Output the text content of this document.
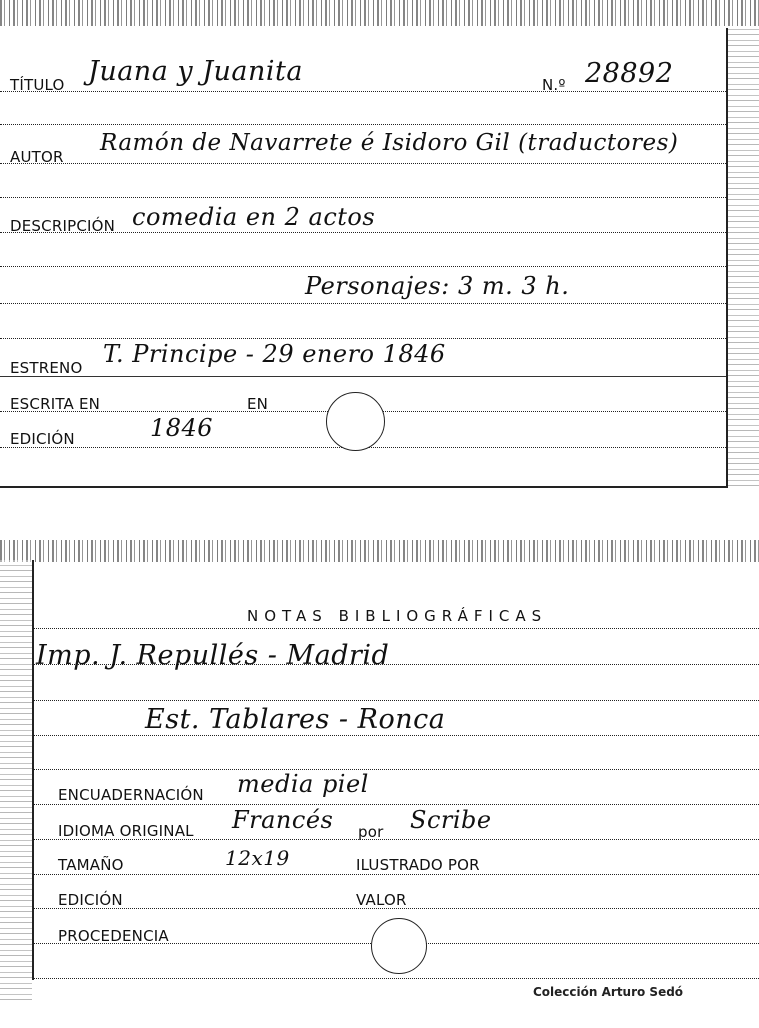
TÍTULO Juana y Juanita	N.º 28892
AUTOR
Ramón de Navarrete é Isidoro Gil (traductores)
DESCRIPCIÓN comedia en 2 actos
Personajes: 3 m. 3 h.
ESTRENO T. Principe - 29 enero 1846
ESCRITA EN	EN
EDICIÓN	1846
NOTAS BIBLIOGRÁFICAS
Imp. J. Repullés - Madrid
Est. Tablares - Ronca
ENCUADERNACIÓN media piel
IDIOMA ORIGINAL Francés por Scribe
TAMAÑO	12x19	ILUSTRADO POR
EDICIÓN	VALOR
PROCEDENCIA
Colección Arturo Sedó
